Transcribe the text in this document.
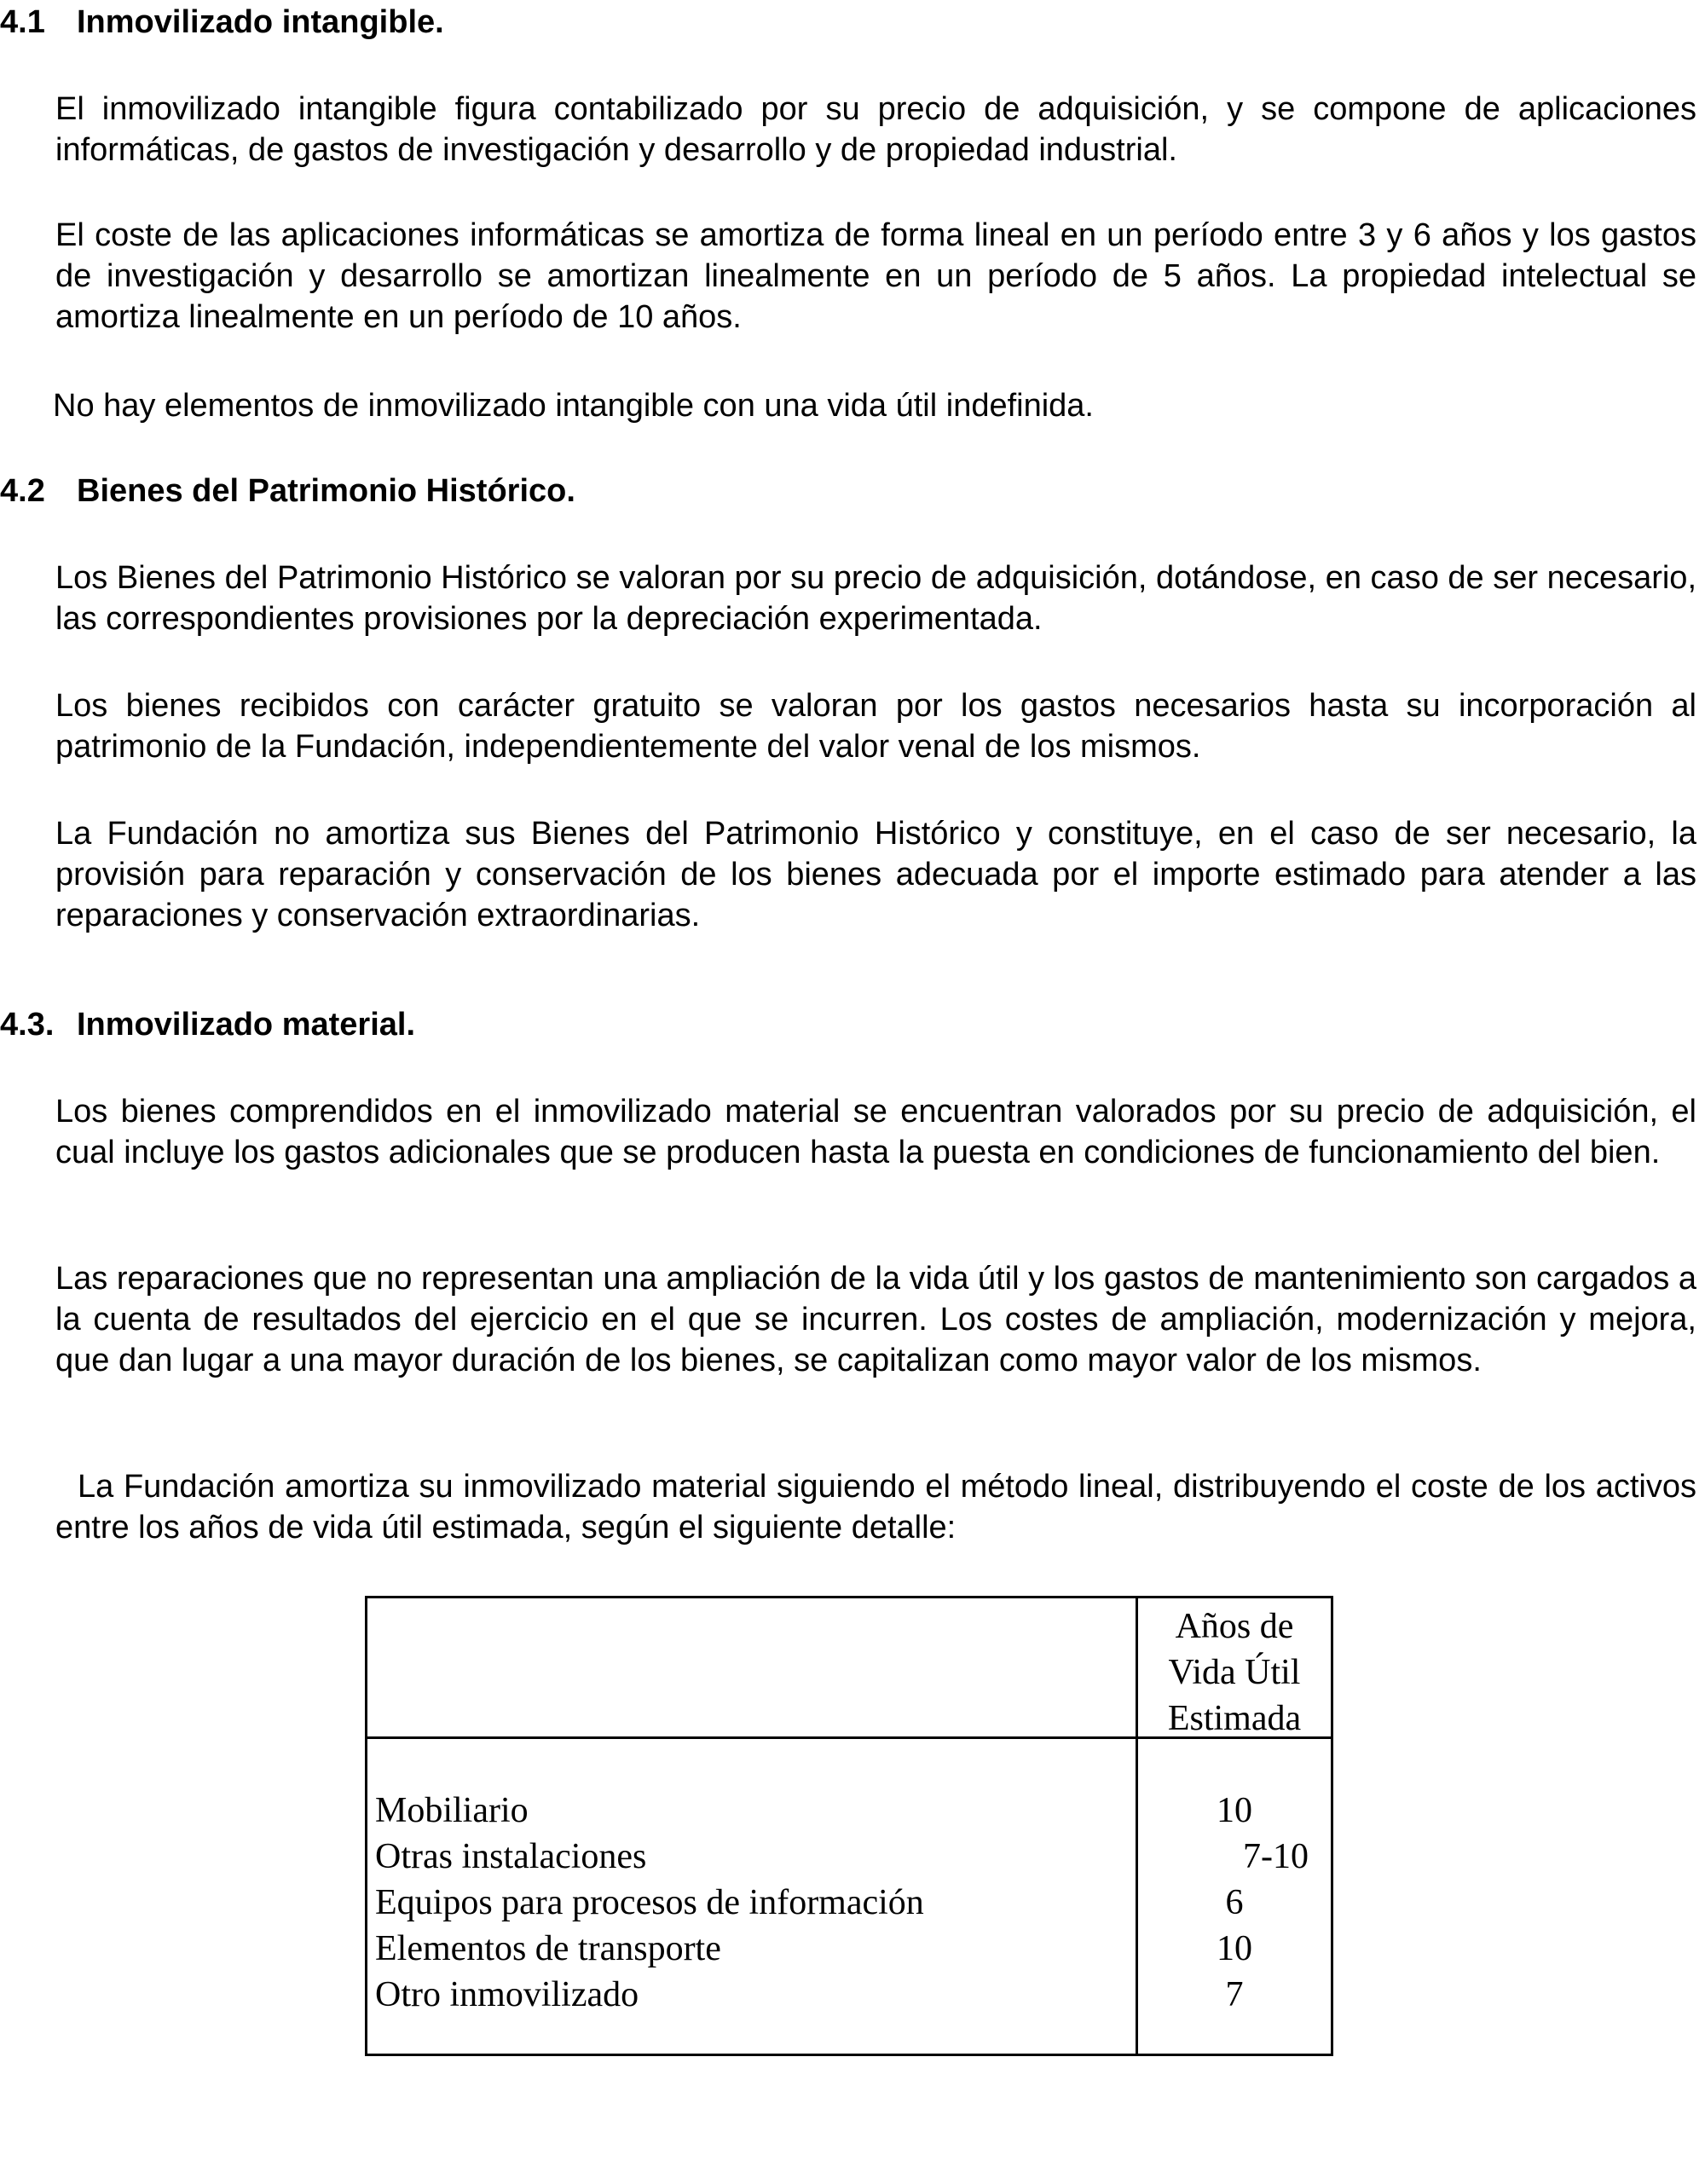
4.1 Inmovilizado intangible.

El inmovilizado intangible figura contabilizado por su precio de adquisición, y se compone de aplicaciones informáticas, de gastos de investigación y desarrollo y de propiedad industrial.

El coste de las aplicaciones informáticas se amortiza de forma lineal en un período entre 3 y 6 años y los gastos de investigación y desarrollo se amortizan linealmente en un período de 5 años. La propiedad intelectual se amortiza linealmente en un período de 10 años.

No hay elementos de inmovilizado intangible con una vida útil indefinida.

4.2 Bienes del Patrimonio Histórico.

Los Bienes del Patrimonio Histórico se valoran por su precio de adquisición, dotándose, en caso de ser necesario, las correspondientes provisiones por la depreciación experimentada.

Los bienes recibidos con carácter gratuito se valoran por los gastos necesarios hasta su incorporación al patrimonio de la Fundación, independientemente del valor venal de los mismos.

La Fundación no amortiza sus Bienes del Patrimonio Histórico y constituye, en el caso de ser necesario, la provisión para reparación y conservación de los bienes adecuada por el importe estimado para atender a las reparaciones y conservación extraordinarias.

4.3. Inmovilizado material.

Los bienes comprendidos en el inmovilizado material se encuentran valorados por su precio de adquisición, el cual incluye los gastos adicionales que se producen hasta la puesta en condiciones de funcionamiento del bien.

Las reparaciones que no representan una ampliación de la vida útil y los gastos de mantenimiento son cargados a la cuenta de resultados del ejercicio en el que se incurren. Los costes de ampliación, modernización y mejora, que dan lugar a una mayor duración de los bienes, se capitalizan como mayor valor de los mismos.

La Fundación amortiza su inmovilizado material siguiendo el método lineal, distribuyendo el coste de los activos entre los años de vida útil estimada, según el siguiente detalle:

Años de
Vida Útil
Estimada
Mobiliario	10
Otras instalaciones	7-10
Equipos para procesos de información	6
Elementos de transporte	10
Otro inmovilizado	7
